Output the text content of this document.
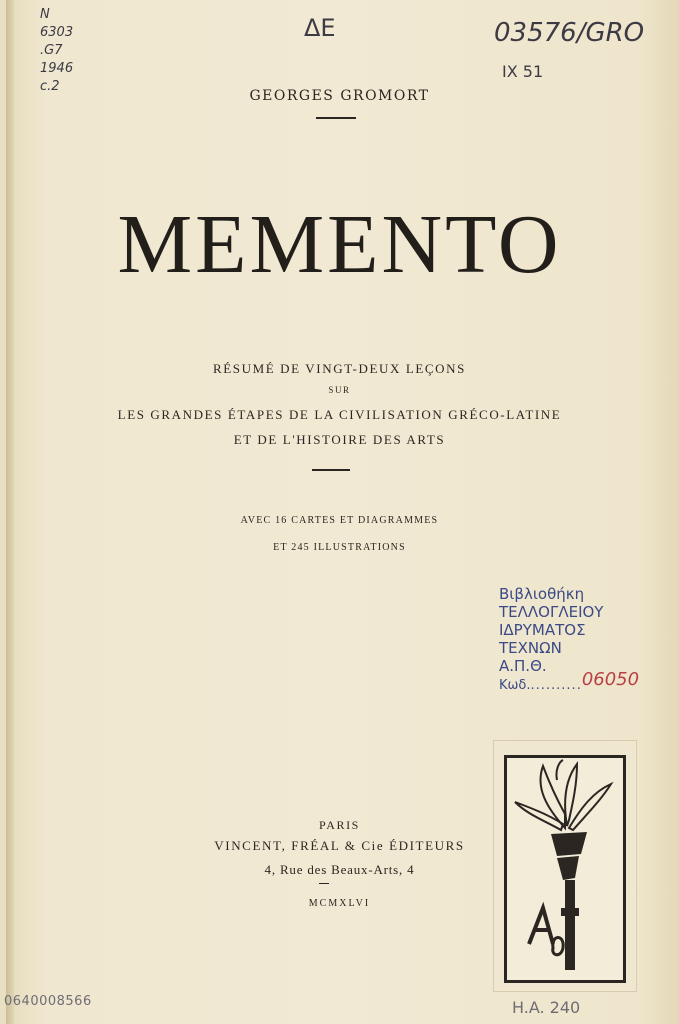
N
6303
.G7
1946
c.2
ΔΕ	03576/GRO
IX 51
GEORGES GROMORT
MEMENTO
RÉSUMÉ DE VINGT-DEUX LEÇONS
SUR
LES GRANDES ÉTAPES DE LA CIVILISATION GRÉCO-LATINE
ET DE L'HISTOIRE DES ARTS
AVEC 16 CARTES ET DIAGRAMMES
ET 245 ILLUSTRATIONS
Βιβλιοθήκη
ΤΕΛΛΟΓΛΕΙΟΥ
ΙΔΡΥΜΑΤΟΣ
ΤΕΧΝΩΝ
Α.Π.Θ.
Κωδ...........06050
PARIS
VINCENT, FRÉAL & Cie ÉDITEURS
4, Rue des Beaux-Arts, 4
MCMXLVI
0640008566	H.A. 240
